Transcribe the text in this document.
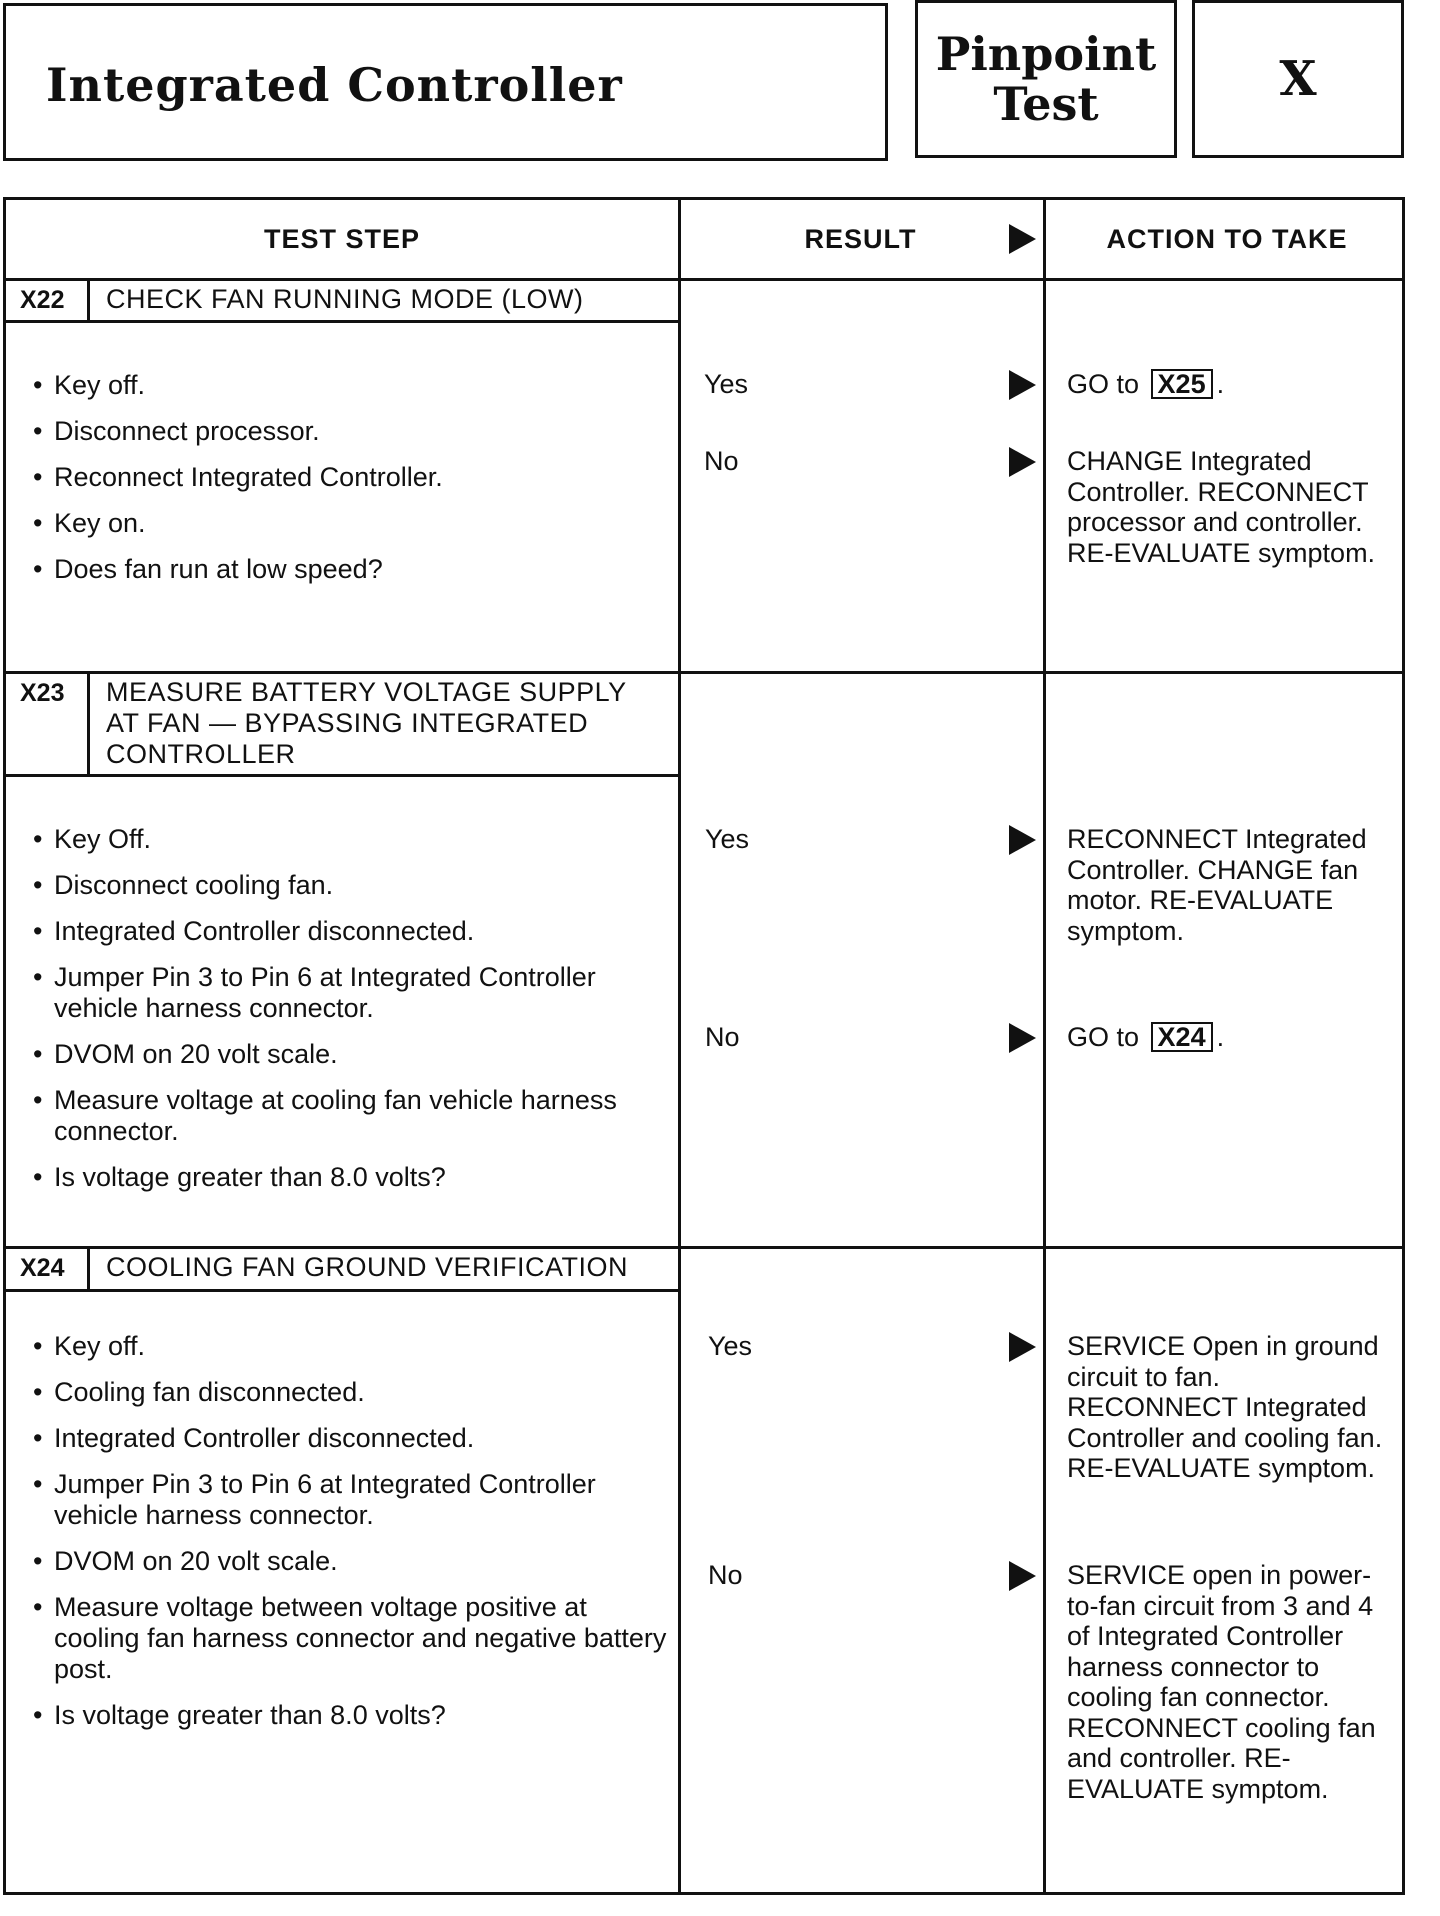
Integrated Controller
Pinpoint
Test	X
TEST STEP	RESULT	ACTION TO TAKE
X22	CHECK FAN RUNNING MODE (LOW)
• Key off.
• Disconnect processor.
• Reconnect Integrated Controller.
• Key on.
• Does fan run at low speed?
Yes	GO to X25 .
No	CHANGE Integrated Controller. RECONNECT processor and controller. RE-EVALUATE symptom.
X23	MEASURE BATTERY VOLTAGE SUPPLY AT FAN — BYPASSING INTEGRATED CONTROLLER
• Key Off.
• Disconnect cooling fan.
• Integrated Controller disconnected.
• Jumper Pin 3 to Pin 6 at Integrated Controller vehicle harness connector.
• DVOM on 20 volt scale.
• Measure voltage at cooling fan vehicle harness connector.
• Is voltage greater than 8.0 volts?
Yes	RECONNECT Integrated Controller. CHANGE fan motor. RE-EVALUATE symptom.
No	GO to X24 .
X24	COOLING FAN GROUND VERIFICATION
• Key off.
• Cooling fan disconnected.
• Integrated Controller disconnected.
• Jumper Pin 3 to Pin 6 at Integrated Controller vehicle harness connector.
• DVOM on 20 volt scale.
• Measure voltage between voltage positive at cooling fan harness connector and negative battery post.
• Is voltage greater than 8.0 volts?
Yes	SERVICE Open in ground circuit to fan. RECONNECT Integrated Controller and cooling fan. RE-EVALUATE symptom.
No	SERVICE open in power-to-fan circuit from 3 and 4 of Integrated Controller harness connector to cooling fan connector. RECONNECT cooling fan and controller. RE-EVALUATE symptom.
